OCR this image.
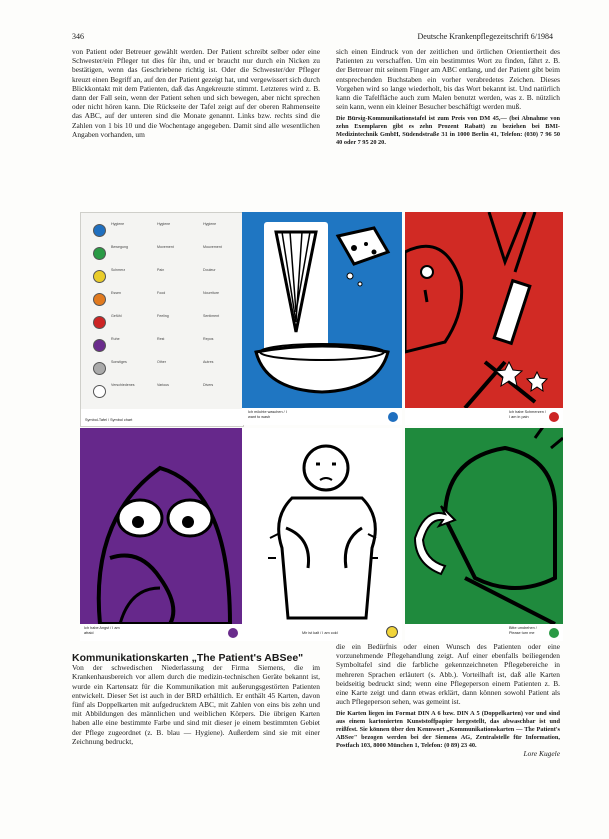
346	Deutsche Krankenpflegezeitschrift 6/1984

von Patient oder Betreuer gewählt werden. Der Patient schreibt selber oder eine Schwester/ein Pfleger tut dies für ihn, und er braucht nur durch ein Nicken zu bestätigen, wenn das Geschriebene richtig ist. Oder die Schwester/der Pfleger kreuzt einen Begriff an, auf den der Patient gezeigt hat, und vergewissert sich durch Blickkontakt mit dem Patienten, daß das Angekreuzte stimmt. Letzteres wird z. B. dann der Fall sein, wenn der Patient sehen und sich bewegen, aber nicht sprechen oder nicht hören kann. Die Rückseite der Tafel zeigt auf der oberen Rahmenseite das ABC, auf der unteren sind die Monate genannt. Links bzw. rechts sind die Zahlen von 1 bis 10 und die Wochentage angegeben. Damit sind alle wesentlichen Angaben vorhanden, um

sich einen Eindruck von der zeitlichen und örtlichen Orientiertheit des Patienten zu verschaffen. Um ein bestimmtes Wort zu finden, fährt z. B. der Betreuer mit seinem Finger am ABC entlang, und der Patient gibt beim entsprechenden Buchstaben ein vorher verabredetes Zeichen. Dieses Vorgehen wird so lange wiederholt, bis das Wort bekannt ist. Und natürlich kann die Tafelfläche auch zum Malen benutzt werden, was z. B. nützlich sein kann, wenn ein kleiner Besucher beschäftigt werden muß.

Die Bürsig-Kommunikationstafel ist zum Preis von DM 45,— (bei Abnahme von zehn Exemplaren gibt es zehn Prozent Rabatt) zu beziehen bei BMI-Medizintechnik GmbH, Südendstraße 31 in 1000 Berlin 41, Telefon: (030) 7 96 50 40 oder 7 95 20 20.

Hygiene	Hygiene	Hygiene
Bewegung	Movement	Mouvement
Schmerz	Pain	Douleur
Essen	Food	Nourriture
Gefühl	Feeling	Sentiment
Ruhe	Rest	Repos
Sonstiges	Other	Autres
Verschiedenes	Various	Divers
Symbol-Tafel / Symbol chart
Ich möchte waschen / I want to wash
Ich habe Schmerzen / I am in pain
Ich habe Angst / I am afraid	Mir ist kalt / I am cold
Bitte umdrehen / Please turn me

Kommunikationskarten „The Patient's ABSee"

Von der schwedischen Niederlassung der Firma Siemens, die im Krankenhausbereich vor allem durch die medizin-technischen Geräte bekannt ist, wurde ein Kartensatz für die Kommunikation mit außerungsgestörten Patienten entwickelt. Dieser Set ist auch in der BRD erhältlich. Er enthält 45 Karten, davon fünf als Doppelkarten mit aufgedrucktem ABC, mit Zahlen von eins bis zehn und mit Abbildungen des männlichen und weiblichen Körpers. Die übrigen Karten haben alle eine bestimmte Farbe und sind mit dieser je einem bestimmten Gebiet der Pflege zugeordnet (z. B. blau — Hygiene). Außerdem sind sie mit einer Zeichnung bedruckt,

die ein Bedürfnis oder einen Wunsch des Patienten oder eine vorzunehmende Pflegehandlung zeigt. Auf einer ebenfalls beiliegenden Symboltafel sind die farbliche gekennzeichneten Pflegebereiche in mehreren Sprachen erläutert (s. Abb.). Vorteilhaft ist, daß alle Karten beidseitig bedruckt sind; wenn eine Pflegeperson einem Patienten z. B. eine Karte zeigt und dann etwas erklärt, dann können sowohl Patient als auch Pflegeperson sehen, was gemeint ist.

Die Karten liegen im Format DIN A 6 bzw. DIN A 5 (Doppelkarten) vor und sind aus einem kartonierten Kunststoffpapier hergestellt, das abwaschbar ist und reißfest. Sie können über den Kennwort „Kommunikationskarten — The Patient's ABSee" bezogen werden bei der Siemens AG, Zentralstelle für Information, Postfach 103, 8000 München 1, Telefon: (0 89) 23 40.

Lore Kugele
